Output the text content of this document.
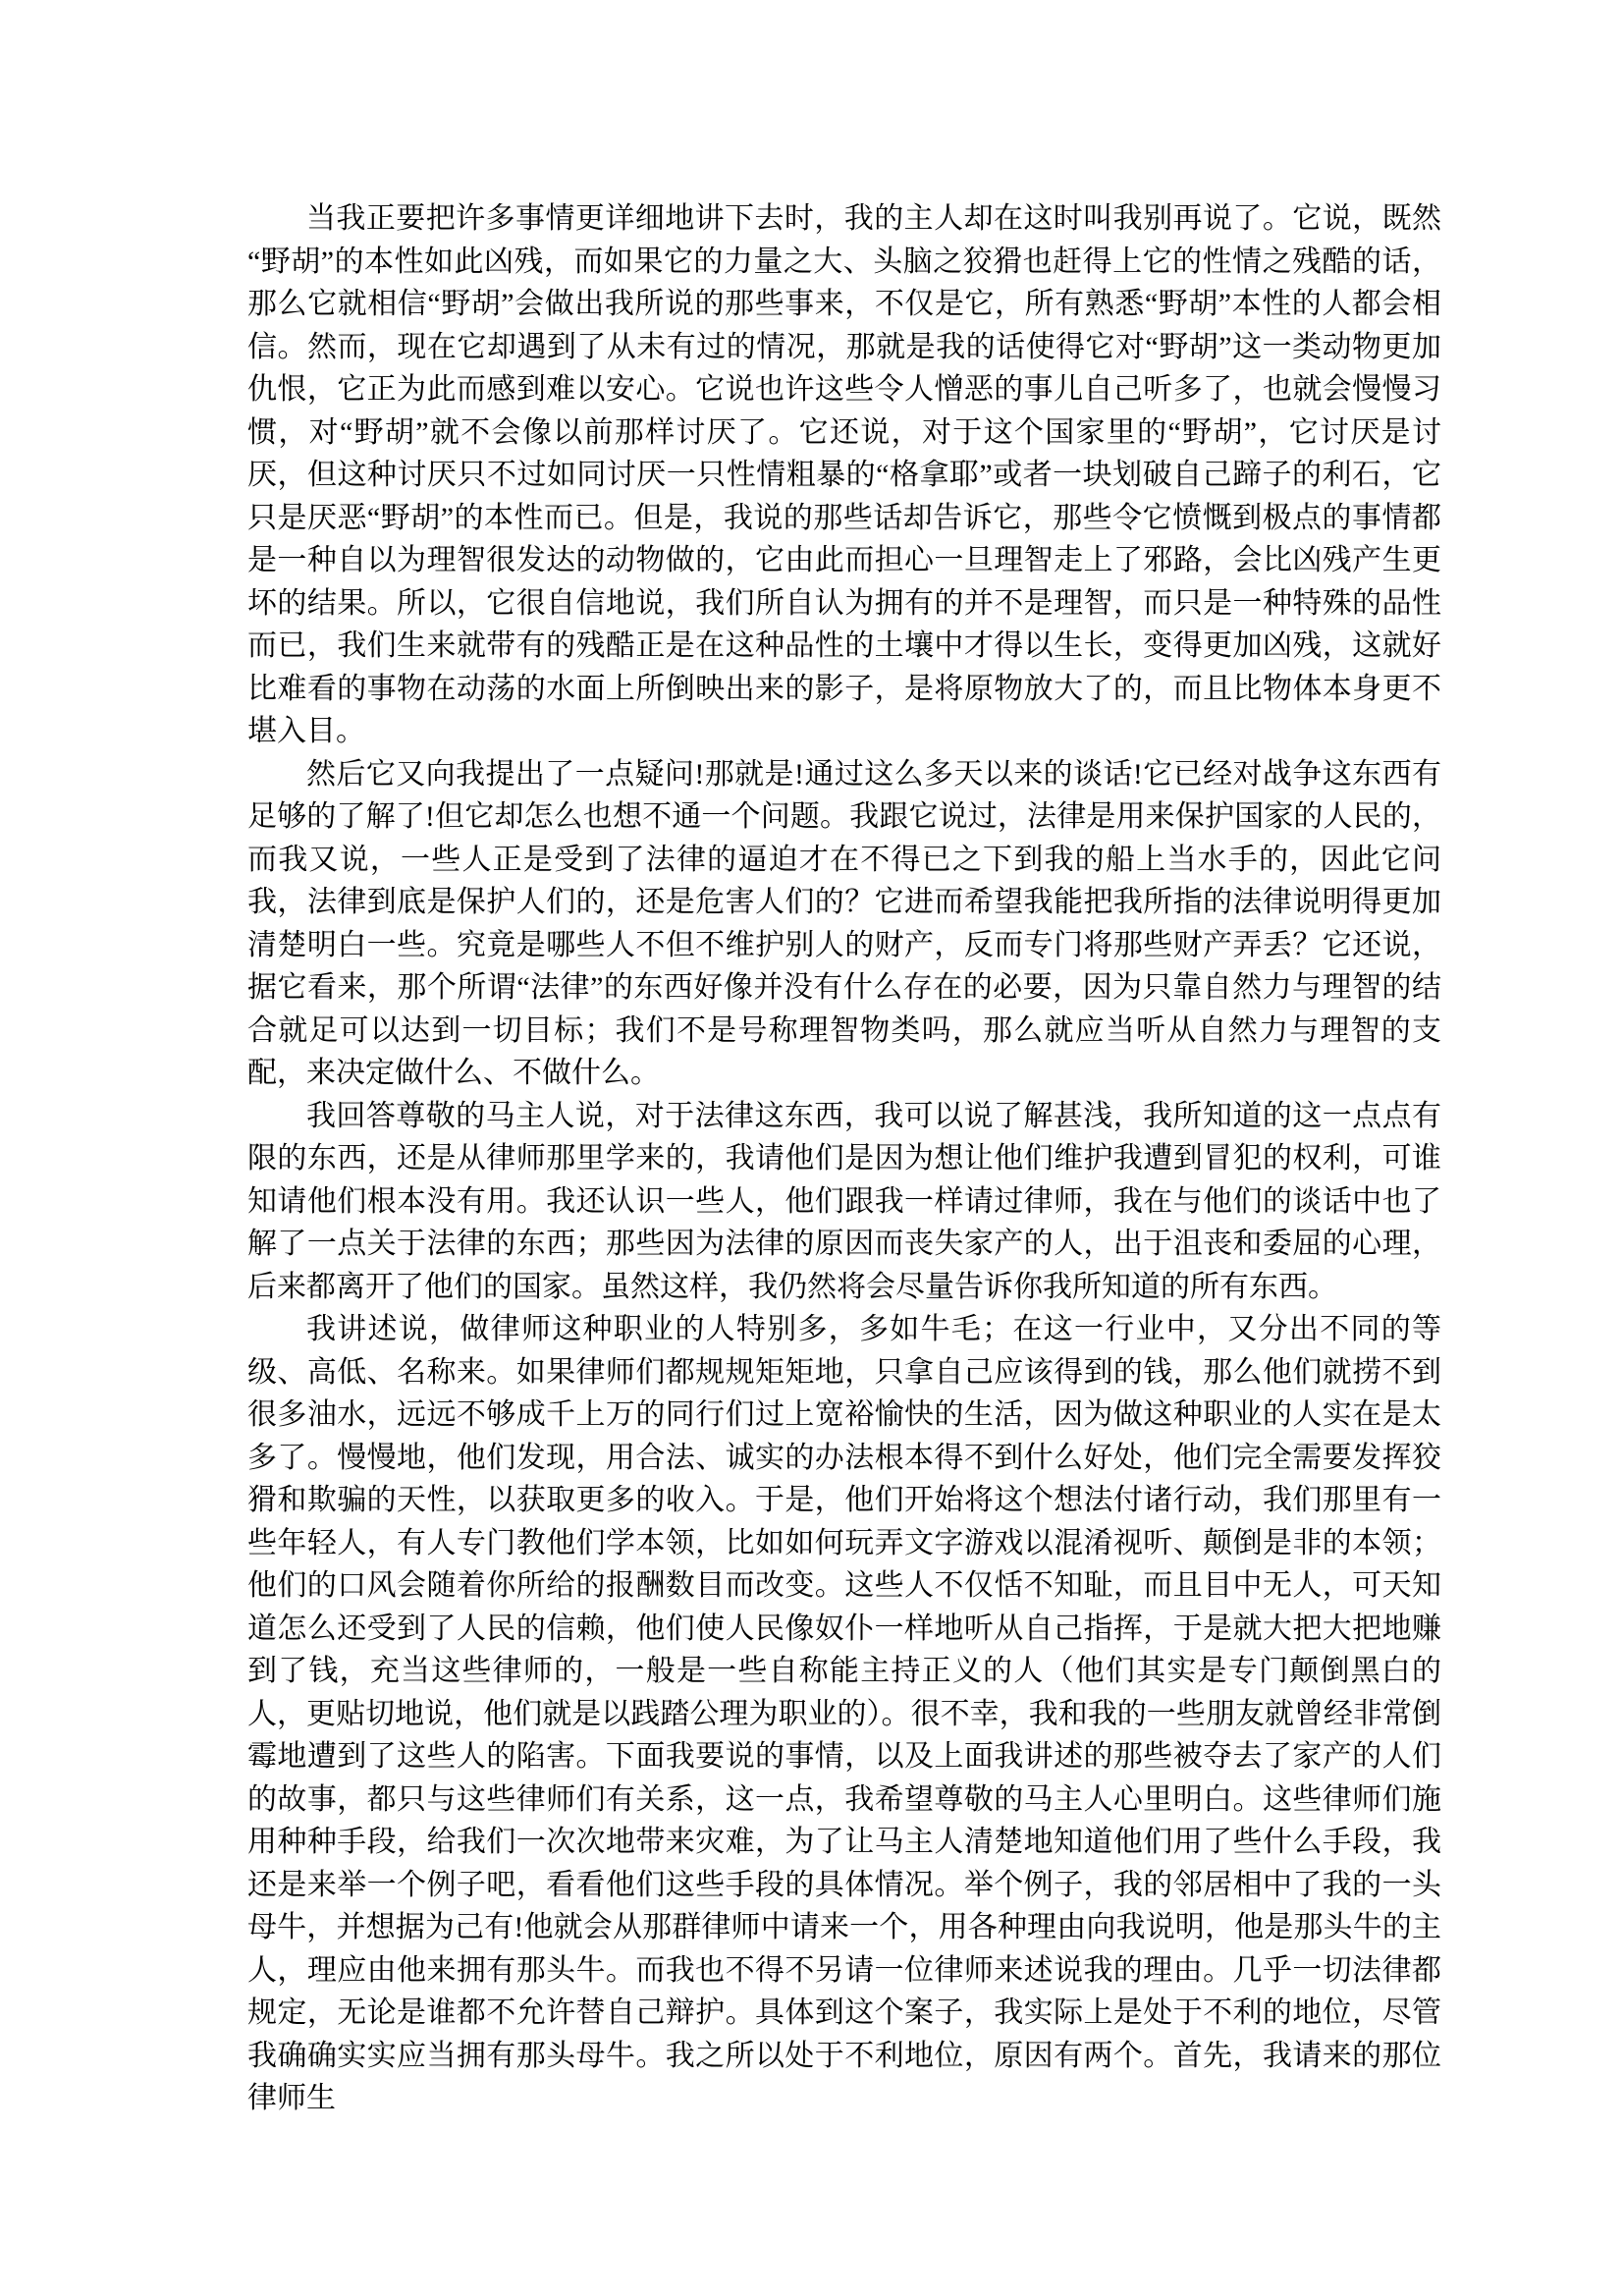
当我正要把许多事情更详细地讲下去时，我的主人却在这时叫我别再说了。它说，既然“野胡”的本性如此凶残，而如果它的力量之大、头脑之狡猾也赶得上它的性情之残酷的话，那么它就相信“野胡”会做出我所说的那些事来，不仅是它，所有熟悉“野胡”本性的人都会相信。然而，现在它却遇到了从未有过的情况，那就是我的话使得它对“野胡”这一类动物更加仇恨，它正为此而感到难以安心。它说也许这些令人憎恶的事儿自己听多了，也就会慢慢习惯，对“野胡”就不会像以前那样讨厌了。它还说，对于这个国家里的“野胡”，它讨厌是讨厌，但这种讨厌只不过如同讨厌一只性情粗暴的“格拿耶”或者一块划破自己蹄子的利石，它只是厌恶“野胡”的本性而已。但是，我说的那些话却告诉它，那些令它愤慨到极点的事情都是一种自以为理智很发达的动物做的，它由此而担心一旦理智走上了邪路，会比凶残产生更坏的结果。所以，它很自信地说，我们所自认为拥有的并不是理智，而只是一种特殊的品性而已，我们生来就带有的残酷正是在这种品性的土壤中才得以生长，变得更加凶残，这就好比难看的事物在动荡的水面上所倒映出来的影子，是将原物放大了的，而且比物体本身更不堪入目。

然后它又向我提出了一点疑问!那就是!通过这么多天以来的谈话!它已经对战争这东西有足够的了解了!但它却怎么也想不通一个问题。我跟它说过，法律是用来保护国家的人民的，而我又说，一些人正是受到了法律的逼迫才在不得已之下到我的船上当水手的，因此它问我，法律到底是保护人们的，还是危害人们的？它进而希望我能把我所指的法律说明得更加清楚明白一些。究竟是哪些人不但不维护别人的财产，反而专门将那些财产弄丢？它还说，据它看来，那个所谓“法律”的东西好像并没有什么存在的必要，因为只靠自然力与理智的结合就足可以达到一切目标；我们不是号称理智物类吗，那么就应当听从自然力与理智的支配，来决定做什么、不做什么。

我回答尊敬的马主人说，对于法律这东西，我可以说了解甚浅，我所知道的这一点点有限的东西，还是从律师那里学来的，我请他们是因为想让他们维护我遭到冒犯的权利，可谁知请他们根本没有用。我还认识一些人，他们跟我一样请过律师，我在与他们的谈话中也了解了一点关于法律的东西；那些因为法律的原因而丧失家产的人，出于沮丧和委屈的心理，后来都离开了他们的国家。虽然这样，我仍然将会尽量告诉你我所知道的所有东西。

我讲述说，做律师这种职业的人特别多，多如牛毛；在这一行业中，又分出不同的等级、高低、名称来。如果律师们都规规矩矩地，只拿自己应该得到的钱，那么他们就捞不到很多油水，远远不够成千上万的同行们过上宽裕愉快的生活，因为做这种职业的人实在是太多了。慢慢地，他们发现，用合法、诚实的办法根本得不到什么好处，他们完全需要发挥狡猾和欺骗的天性，以获取更多的收入。于是，他们开始将这个想法付诸行动，我们那里有一些年轻人，有人专门教他们学本领，比如如何玩弄文字游戏以混淆视听、颠倒是非的本领；他们的口风会随着你所给的报酬数目而改变。这些人不仅恬不知耻，而且目中无人，可天知道怎么还受到了人民的信赖，他们使人民像奴仆一样地听从自己指挥，于是就大把大把地赚到了钱，充当这些律师的，一般是一些自称能主持正义的人（他们其实是专门颠倒黑白的人，更贴切地说，他们就是以践踏公理为职业的）。很不幸，我和我的一些朋友就曾经非常倒霉地遭到了这些人的陷害。下面我要说的事情，以及上面我讲述的那些被夺去了家产的人们的故事，都只与这些律师们有关系，这一点，我希望尊敬的马主人心里明白。这些律师们施用种种手段，给我们一次次地带来灾难，为了让马主人清楚地知道他们用了些什么手段，我还是来举一个例子吧，看看他们这些手段的具体情况。举个例子，我的邻居相中了我的一头母牛，并想据为己有!他就会从那群律师中请来一个，用各种理由向我说明，他是那头牛的主人，理应由他来拥有那头牛。而我也不得不另请一位律师来述说我的理由。几乎一切法律都规定，无论是谁都不允许替自己辩护。具体到这个案子，我实际上是处于不利的地位，尽管我确确实实应当拥有那头母牛。我之所以处于不利地位，原因有两个。首先，我请来的那位律师生
